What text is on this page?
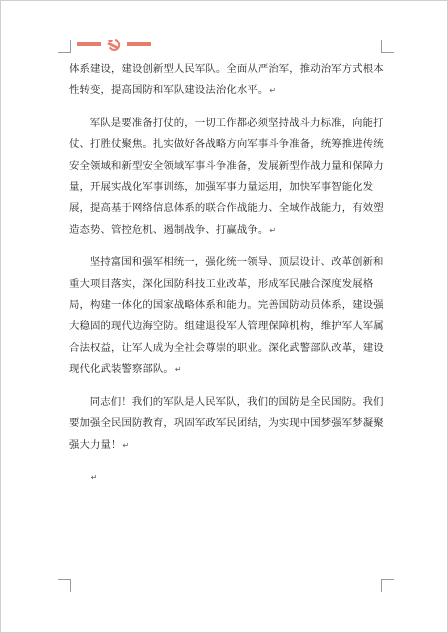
体系建设，建设创新型人民军队。全面从严治军，推动治军方式根本性转变，提高国防和军队建设法治化水平。↵

军队是要准备打仗的，一切工作都必须坚持战斗力标准，向能打仗、打胜仗聚焦。扎实做好各战略方向军事斗争准备，统筹推进传统安全领域和新型安全领域军事斗争准备，发展新型作战力量和保障力量，开展实战化军事训练，加强军事力量运用，加快军事智能化发展，提高基于网络信息体系的联合作战能力、全域作战能力，有效塑造态势、管控危机、遏制战争、打赢战争。↵

坚持富国和强军相统一，强化统一领导、顶层设计、改革创新和重大项目落实，深化国防科技工业改革，形成军民融合深度发展格局，构建一体化的国家战略体系和能力。完善国防动员体系，建设强大稳固的现代边海空防。组建退役军人管理保障机构，维护军人军属合法权益，让军人成为全社会尊崇的职业。深化武警部队改革，建设现代化武装警察部队。↵

同志们！我们的军队是人民军队，我们的国防是全民国防。我们要加强全民国防教育，巩固军政军民团结，为实现中国梦强军梦凝聚强大力量！↵

↵
